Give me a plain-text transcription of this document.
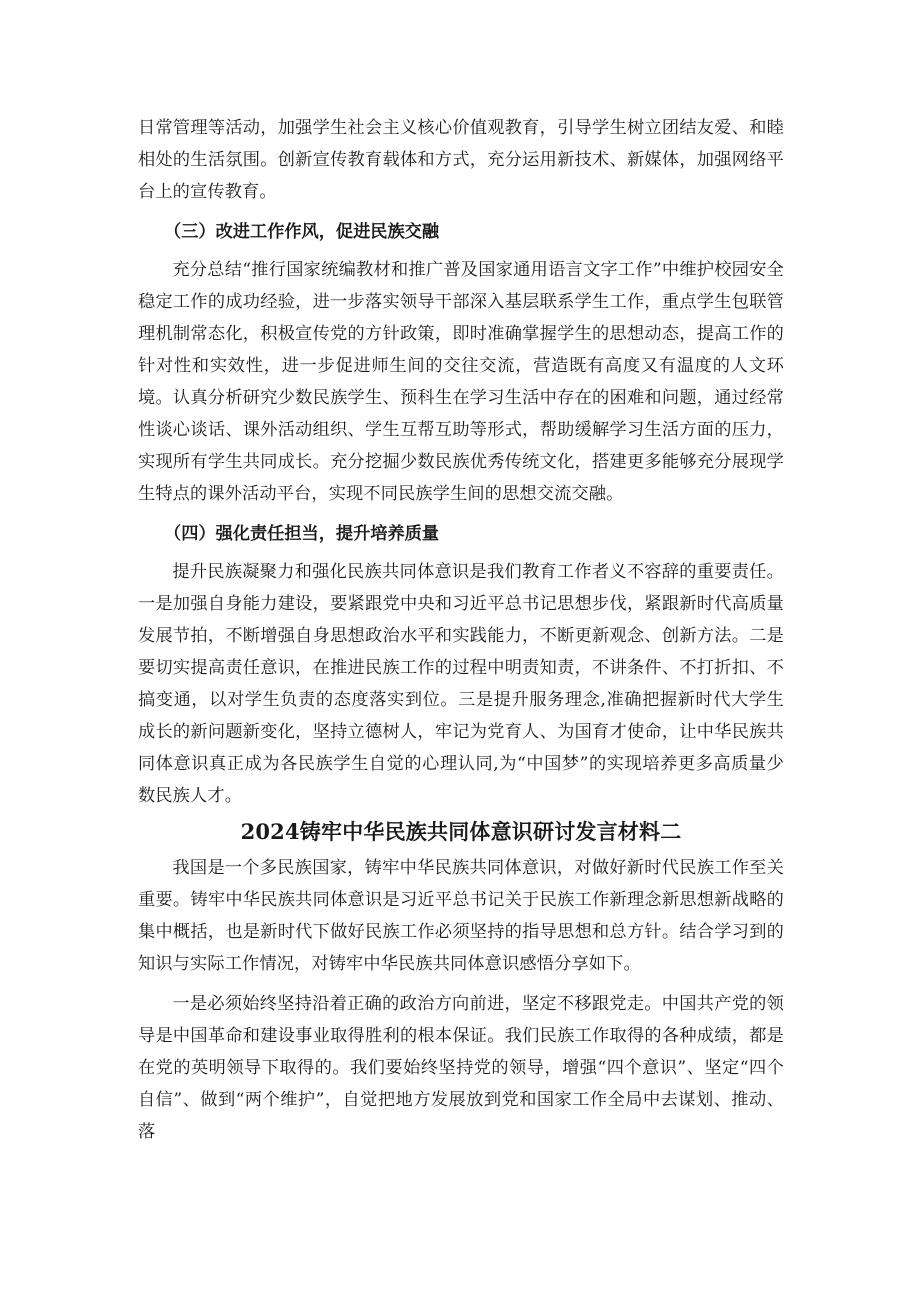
日常管理等活动，加强学生社会主义核心价值观教育，引导学生树立团结友爱、和睦相处的生活氛围。创新宣传教育载体和方式，充分运用新技术、新媒体，加强网络平台上的宣传教育。

（三）改进工作作风，促进民族交融

充分总结“推行国家统编教材和推广普及国家通用语言文字工作”中维护校园安全稳定工作的成功经验，进一步落实领导干部深入基层联系学生工作，重点学生包联管理机制常态化，积极宣传党的方针政策，即时准确掌握学生的思想动态，提高工作的针对性和实效性，进一步促进师生间的交往交流，营造既有高度又有温度的人文环境。认真分析研究少数民族学生、预科生在学习生活中存在的困难和问题，通过经常性谈心谈话、课外活动组织、学生互帮互助等形式，帮助缓解学习生活方面的压力，实现所有学生共同成长。充分挖掘少数民族优秀传统文化，搭建更多能够充分展现学生特点的课外活动平台，实现不同民族学生间的思想交流交融。

（四）强化责任担当，提升培养质量

提升民族凝聚力和强化民族共同体意识是我们教育工作者义不容辞的重要责任。一是加强自身能力建设，要紧跟党中央和习近平总书记思想步伐，紧跟新时代高质量发展节拍，不断增强自身思想政治水平和实践能力，不断更新观念、创新方法。二是要切实提高责任意识，在推进民族工作的过程中明责知责，不讲条件、不打折扣、不搞变通，以对学生负责的态度落实到位。三是提升服务理念,准确把握新时代大学生成长的新问题新变化，坚持立德树人，牢记为党育人、为国育才使命，让中华民族共同体意识真正成为各民族学生自觉的心理认同,为“中国梦”的实现培养更多高质量少数民族人才。

2024铸牢中华民族共同体意识研讨发言材料二

我国是一个多民族国家，铸牢中华民族共同体意识，对做好新时代民族工作至关重要。铸牢中华民族共同体意识是习近平总书记关于民族工作新理念新思想新战略的集中概括，也是新时代下做好民族工作必须坚持的指导思想和总方针。结合学习到的知识与实际工作情况，对铸牢中华民族共同体意识感悟分享如下。

一是必须始终坚持沿着正确的政治方向前进，坚定不移跟党走。中国共产党的领导是中国革命和建设事业取得胜利的根本保证。我们民族工作取得的各种成绩，都是在党的英明领导下取得的。我们要始终坚持党的领导，增强“四个意识”、坚定“四个自信”、做到“两个维护”，自觉把地方发展放到党和国家工作全局中去谋划、推动、落
